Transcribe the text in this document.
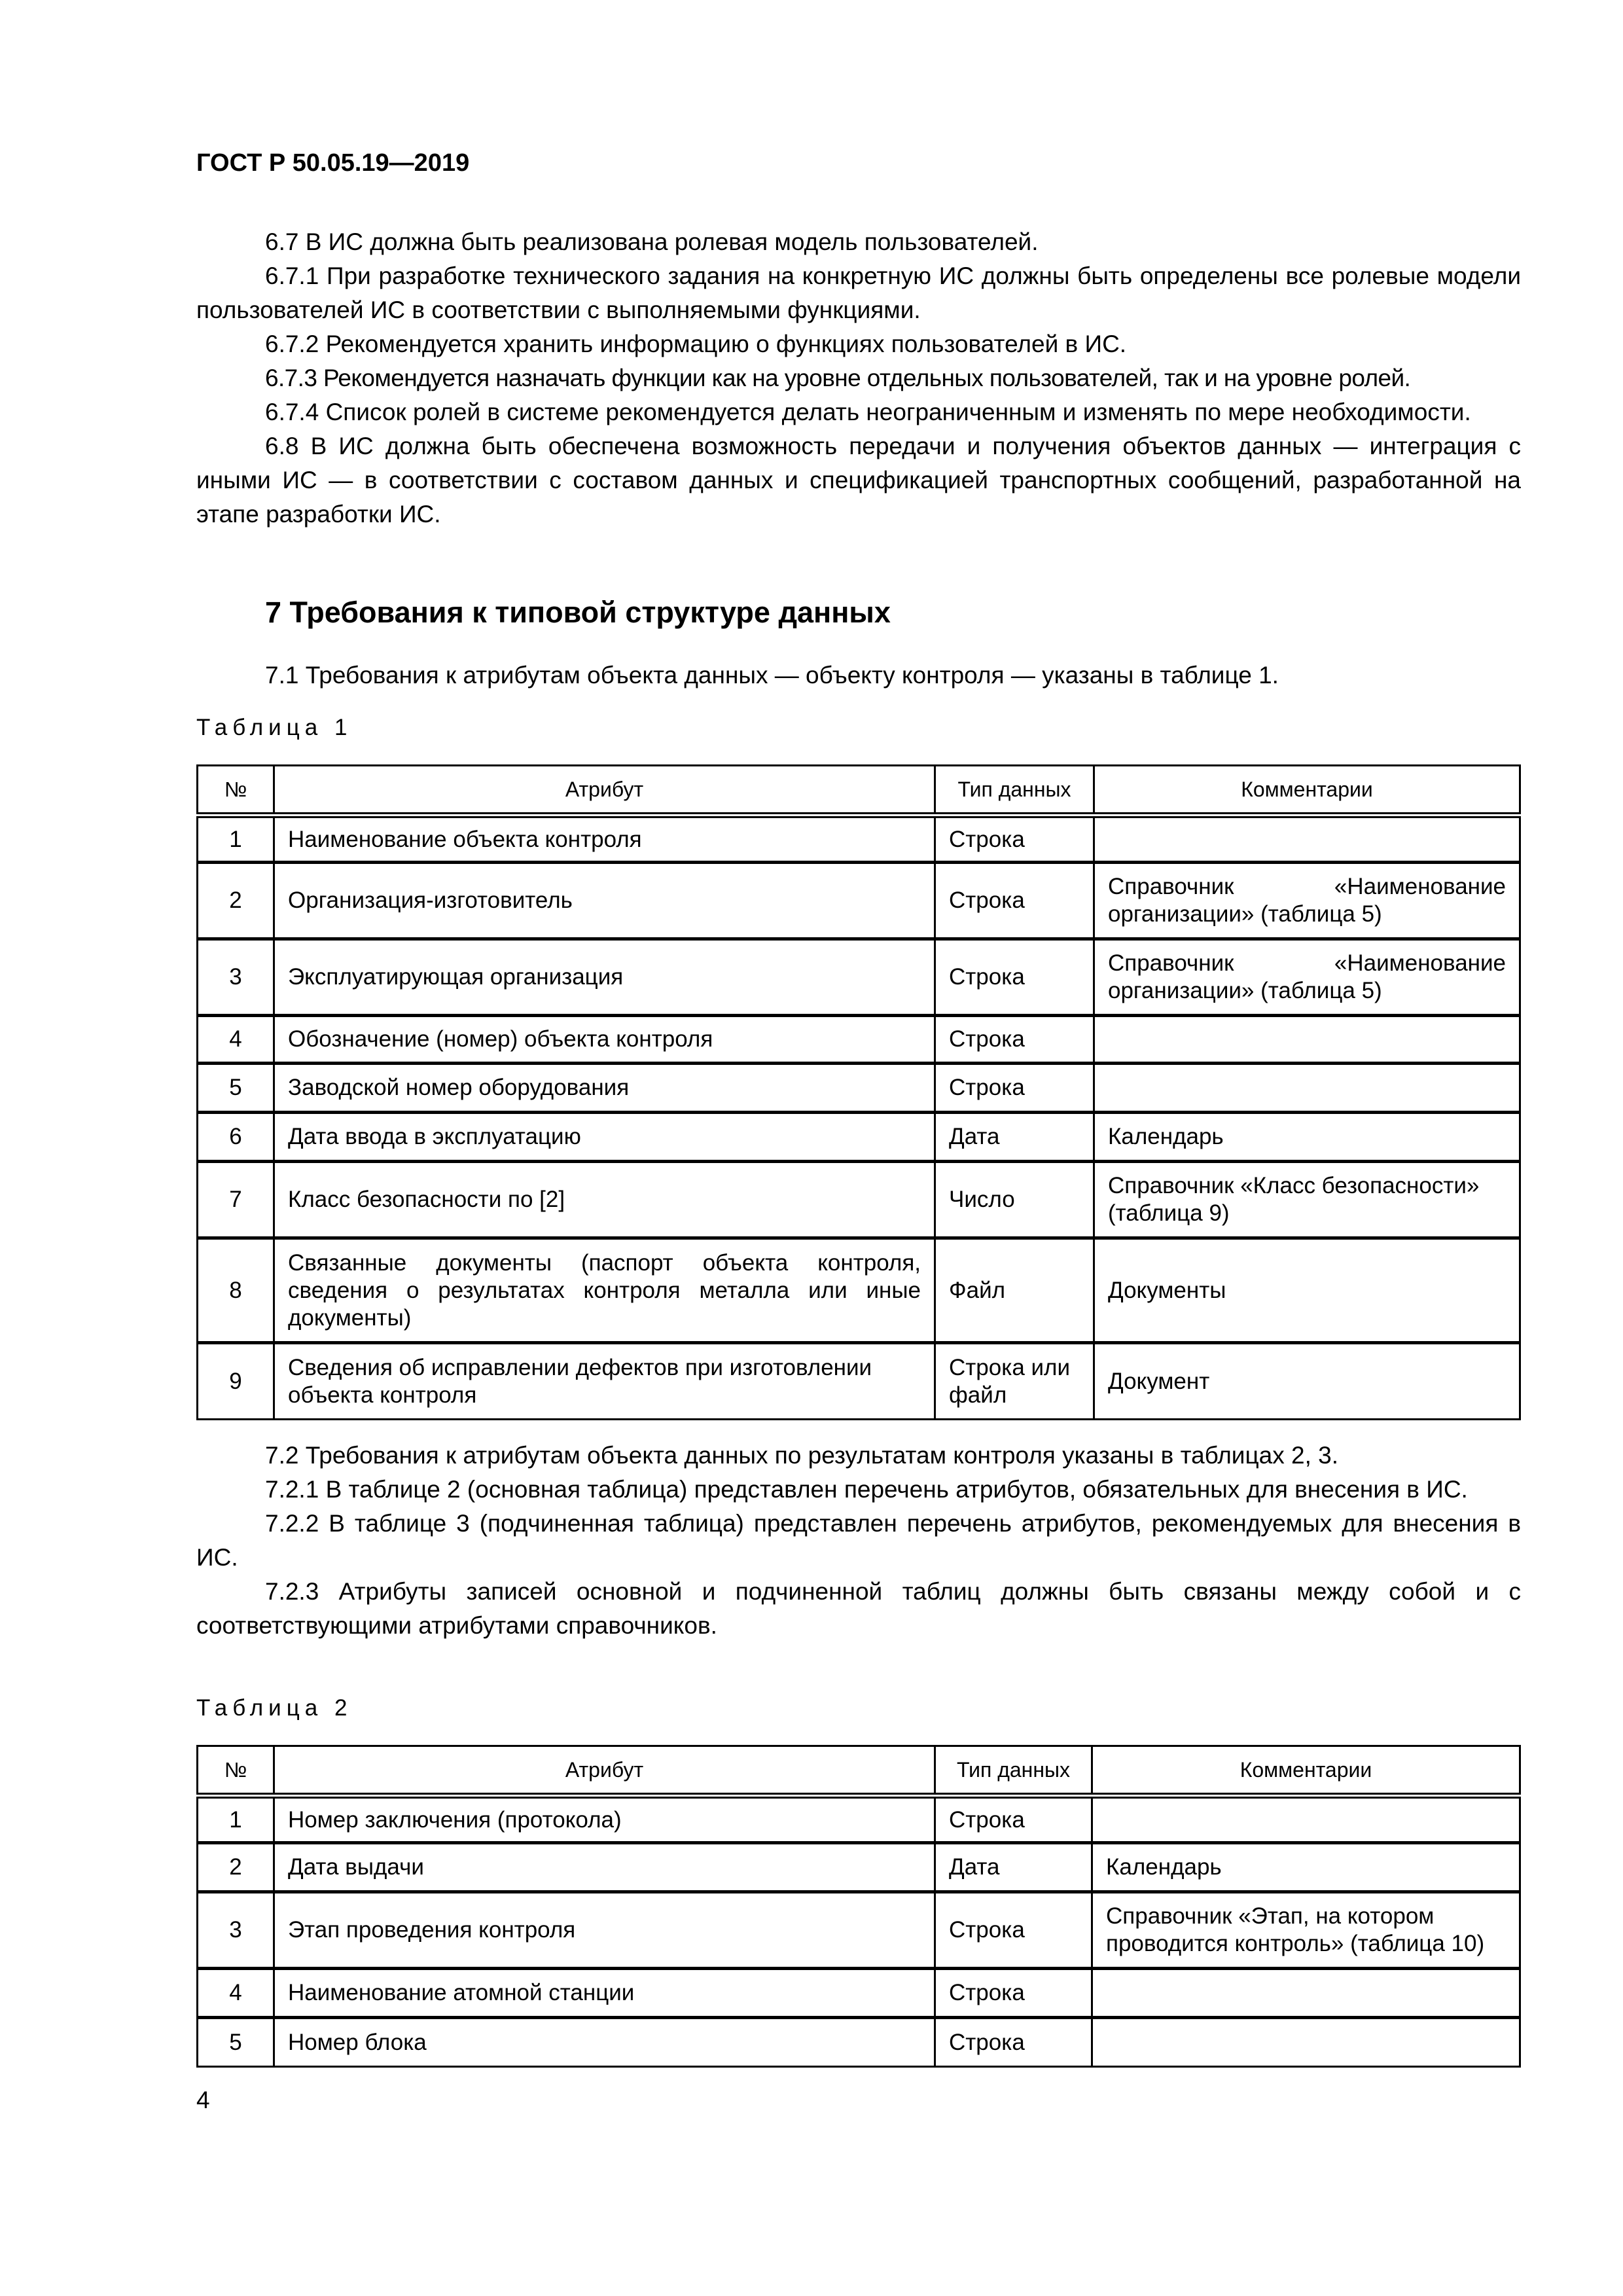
ГОСТ Р 50.05.19—2019

6.7 В ИС должна быть реализована ролевая модель пользователей.

6.7.1 При разработке технического задания на конкретную ИС должны быть определены все ролевые модели пользователей ИС в соответствии с выполняемыми функциями.

6.7.2 Рекомендуется хранить информацию о функциях пользователей в ИС.

6.7.3 Рекомендуется назначать функции как на уровне отдельных пользователей, так и на уровне ролей.

6.7.4 Список ролей в системе рекомендуется делать неограниченным и изменять по мере необходимости.

6.8 В ИС должна быть обеспечена возможность передачи и получения объектов данных — интеграция с иными ИС — в соответствии с составом данных и спецификацией транспортных сообщений, разработанной на этапе разработки ИС.

7 Требования к типовой структуре данных

7.1 Требования к атрибутам объекта данных — объекту контроля — указаны в таблице 1.

Таблица 1
№	Атрибут	Тип данных	Комментарии
1	Наименование объекта контроля	Строка	
2	Организация-изготовитель	Строка	Справочник «Наименование организации» (таблица 5)
3	Эксплуатирующая организация	Строка	Справочник «Наименование организации» (таблица 5)
4	Обозначение (номер) объекта контроля	Строка	
5	Заводской номер оборудования	Строка	
6	Дата ввода в эксплуатацию	Дата	Календарь
7	Класс безопасности по [2]	Число	Справочник «Класс безопасности» (таблица 9)
8	Связанные документы (паспорт объекта контроля, сведения о результатах контроля металла или иные документы)	Файл	Документы
9	Сведения об исправлении дефектов при изготовлении объекта контроля	Строка или файл	Документ

7.2 Требования к атрибутам объекта данных по результатам контроля указаны в таблицах 2, 3.

7.2.1 В таблице 2 (основная таблица) представлен перечень атрибутов, обязательных для внесения в ИС.

7.2.2 В таблице 3 (подчиненная таблица) представлен перечень атрибутов, рекомендуемых для внесения в ИС.

7.2.3 Атрибуты записей основной и подчиненной таблиц должны быть связаны между собой и с соответствующими атрибутами справочников.

Таблица 2
№	Атрибут	Тип данных	Комментарии
1	Номер заключения (протокола)	Строка	
2	Дата выдачи	Дата	Календарь
3	Этап проведения контроля	Строка	Справочник «Этап, на котором проводится контроль» (таблица 10)
4	Наименование атомной станции	Строка	
5	Номер блока	Строка	
4
